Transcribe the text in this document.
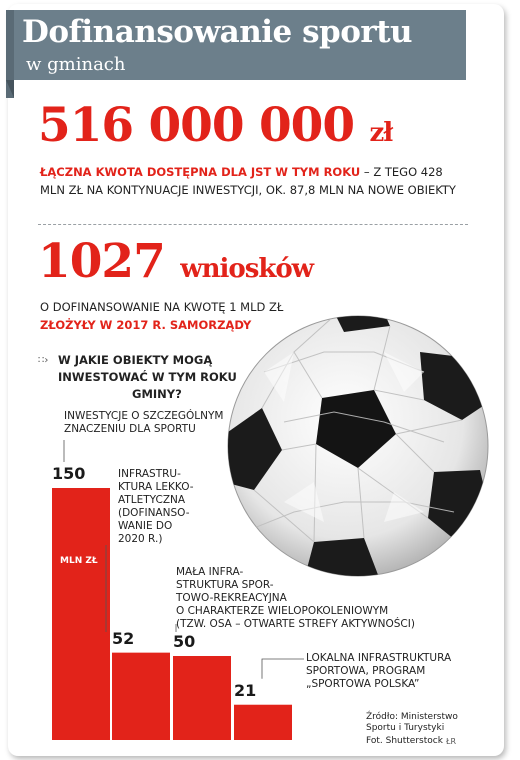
Dofinansowanie sportu
w gminach
516 000 000 zł
ŁĄCZNA KWOTA DOSTĘPNA DLA JST W TYM ROKU – Z TEGO 428 MLN ZŁ NA KONTYNUACJE INWESTYCJI, OK. 87,8 MLN NA NOWE OBIEKTY
1027 wniosków
O DOFINANSOWANIE NA KWOTĘ 1 MLD ZŁ
ZŁOŻYŁY W 2017 R. SAMORZĄDY
∷› W JAKIE OBIEKTY MOGĄ INWESTOWAĆ W TYM ROKU
GMINY?
150
INWESTYCJE O SZCZEGÓLNYM
ZNACZENIU DLA SPORTU
52
INFRASTRU-
KTURA LEKKO-
ATLETYCZNA
(DOFINANSO-
WANIE DO
2020 R.)
50
MAŁA INFRA-
STRUKTURA SPOR-
TOWO-REKREACYJNA
O CHARAKTERZE WIELOPOKOLENIOWYM
(TZW. OSA – OTWARTE STREFY AKTYWNOŚCI)
21
LOKALNA INFRASTRUKTURA
SPORTOWA, PROGRAM
„SPORTOWA POLSKA”
MLN ZŁ
Źródło: Ministerstwo
Sportu i Turystyki
Fot. Shutterstock ŁR
